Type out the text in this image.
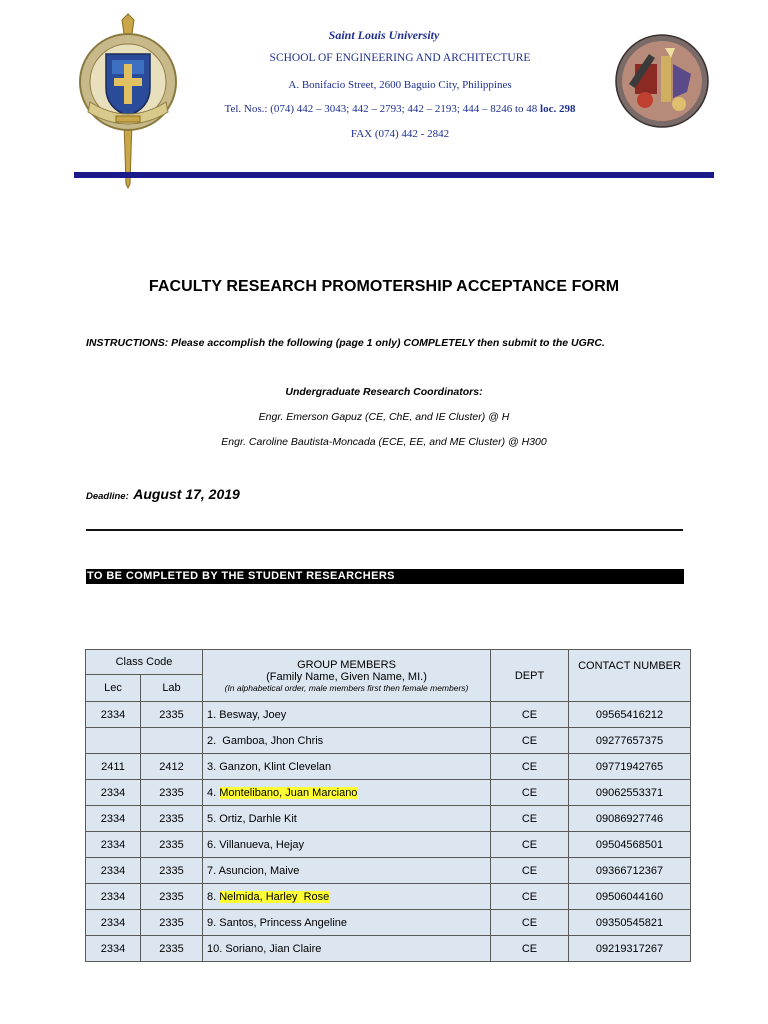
Saint Louis University
SCHOOL OF ENGINEERING AND ARCHITECTURE
A. Bonifacio Street, 2600 Baguio City, Philippines
Tel. Nos.: (074) 442 – 3043; 442 – 2793; 442 – 2193; 444 – 8246 to 48 loc. 298
FAX (074) 442 - 2842
FACULTY RESEARCH PROMOTERSHIP ACCEPTANCE FORM
INSTRUCTIONS: Please accomplish the following (page 1 only) COMPLETELY then submit to the UGRC.
Undergraduate Research Coordinators:
Engr. Emerson Gapuz (CE, ChE, and IE Cluster) @ H
Engr. Caroline Bautista-Moncada (ECE, EE, and ME Cluster) @ H300
Deadline: August 17, 2019
TO BE COMPLETED BY THE STUDENT RESEARCHERS
Class Code		GROUP MEMBERS
(Family Name, Given Name, MI.)
(In alphabetical order, male members first then female members)	DEPT	CONTACT NUMBER
Lec	Lab			
2334	2335	1. Besway, Joey	CE	09565416212
		2.  Gamboa, Jhon Chris	CE	09277657375
2411	2412	3. Ganzon, Klint Clevelan	CE	09771942765
2334	2335	4. Montelibano, Juan Marciano	CE	09062553371
2334	2335	5. Ortiz, Darhle Kit	CE	09086927746
2334	2335	6. Villanueva, Hejay	CE	09504568501
2334	2335	7. Asuncion, Maive	CE	09366712367
2334	2335	8. Nelmida, Harley  Rose	CE	09506044160
2334	2335	9. Santos, Princess Angeline	CE	09350545821
2334	2335	10. Soriano, Jian Claire	CE	09219317267
